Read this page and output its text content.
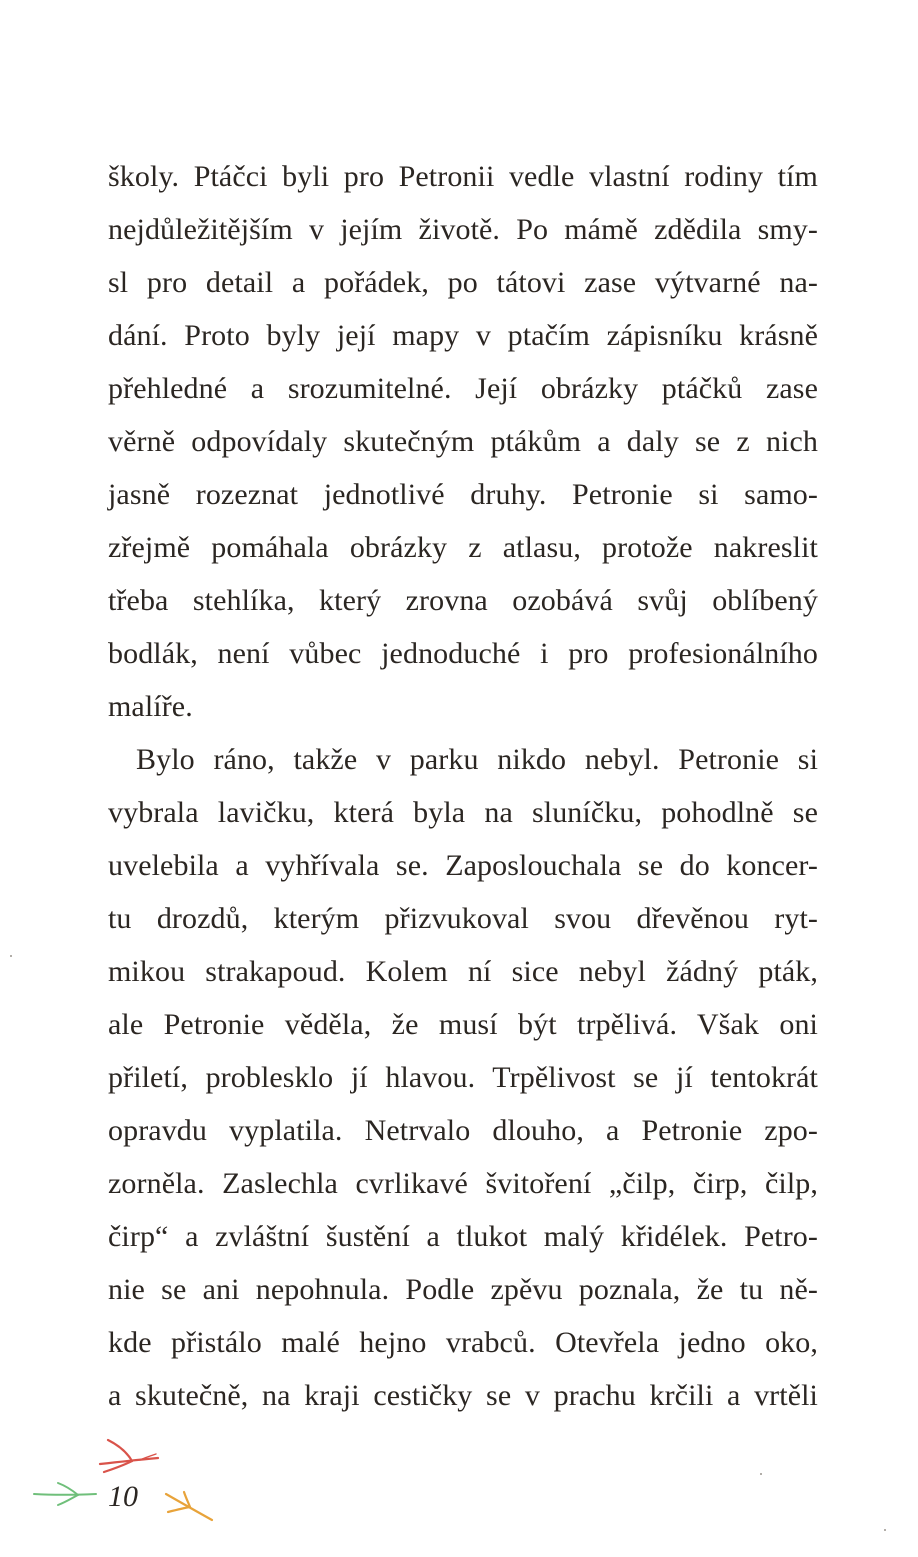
školy. Ptáčci byli pro Petronii vedle vlastní rodiny tím
nejdůležitějším v jejím životě. Po mámě zdědila smy-
sl pro detail a pořádek, po tátovi zase výtvarné na-
dání. Proto byly její mapy v ptačím zápisníku krásně
přehledné a srozumitelné. Její obrázky ptáčků zase
věrně odpovídaly skutečným ptákům a daly se z nich
jasně rozeznat jednotlivé druhy. Petronie si samo-
zřejmě pomáhala obrázky z atlasu, protože nakreslit
třeba stehlíka, který zrovna ozobává svůj oblíbený
bodlák, není vůbec jednoduché i pro profesionálního
malíře.
Bylo ráno, takže v parku nikdo nebyl. Petronie si
vybrala lavičku, která byla na sluníčku, pohodlně se
uvelebila a vyhřívala se. Zaposlouchala se do koncer-
tu drozdů, kterým přizvukoval svou dřevěnou ryt-
mikou strakapoud. Kolem ní sice nebyl žádný pták,
ale Petronie věděla, že musí být trpělivá. Však oni
přiletí, problesklo jí hlavou. Trpělivost se jí tentokrát
opravdu vyplatila. Netrvalo dlouho, a Petronie zpo-
zorněla. Zaslechla cvrlikavé švitoření „čilp, čirp, čilp,
čirp“ a zvláštní šustění a tlukot malý křidélek. Petro-
nie se ani nepohnula. Podle zpěvu poznala, že tu ně-
kde přistálo malé hejno vrabců. Otevřela jedno oko,
a skutečně, na kraji cestičky se v prachu krčili a vrtěli
10
